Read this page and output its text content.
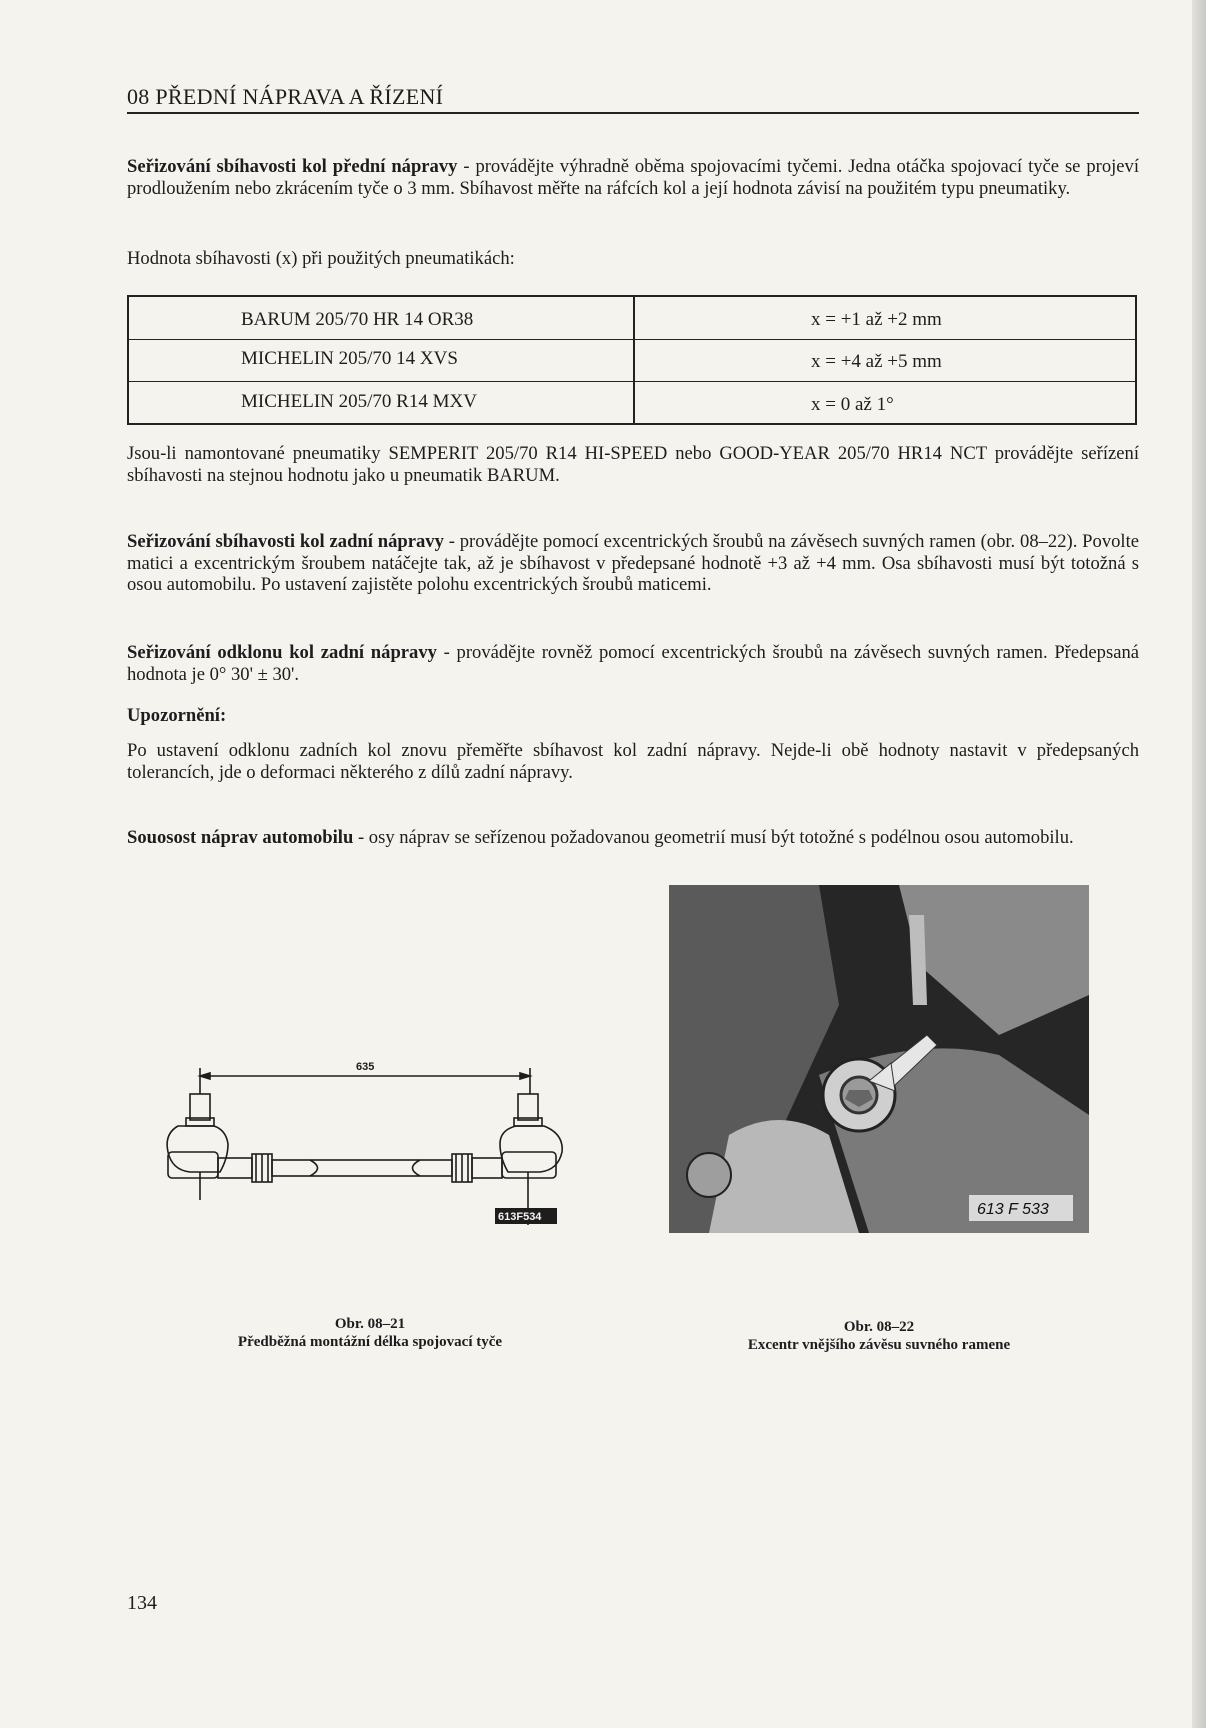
08 PŘEDNÍ NÁPRAVA A ŘÍZENÍ
Seřizování sbíhavosti kol přední nápravy - provádějte výhradně oběma spojovacími tyčemi. Jedna otáčka spojovací tyče se projeví prodloužením nebo zkrácením tyče o 3 mm. Sbíhavost měřte na ráfcích kol a její hodnota závisí na použitém typu pneumatiky.
Hodnota sbíhavosti (x) při použitých pneumatikách:
BARUM 205/70 HR 14 OR38	x = +1 až +2 mm
MICHELIN 205/70 14 XVS	x = +4 až +5 mm
MICHELIN 205/70 R14 MXV	x = 0 až 1°
Jsou-li namontované pneumatiky SEMPERIT 205/70 R14 HI-SPEED nebo GOOD-YEAR 205/70 HR14 NCT provádějte seřízení sbíhavosti na stejnou hodnotu jako u pneumatik BARUM.
Seřizování sbíhavosti kol zadní nápravy - provádějte pomocí excentrických šroubů na závěsech suvných ramen (obr. 08–22). Povolte matici a excentrickým šroubem natáčejte tak, až je sbíhavost v předepsané hodnotě +3 až +4 mm. Osa sbíhavosti musí být totožná s osou automobilu. Po ustavení zajistěte polohu excentrických šroubů maticemi.
Seřizování odklonu kol zadní nápravy - provádějte rovněž pomocí excentrických šroubů na závěsech suvných ramen. Předepsaná hodnota je 0° 30' ± 30'.
Upozornění:
Po ustavení odklonu zadních kol znovu přeměřte sbíhavost kol zadní nápravy. Nejde-li obě hodnoty nastavit v předepsaných tolerancích, jde o deformaci některého z dílů zadní nápravy.
Souosost náprav automobilu - osy náprav se seřízenou požadovanou geometrií musí být totožné s podélnou osou automobilu.
635
613F534
Obr. 08–21
Předběžná montážní délka spojovací tyče
613 F 533
Obr. 08–22
Excentr vnějšího závěsu suvného ramene
134
